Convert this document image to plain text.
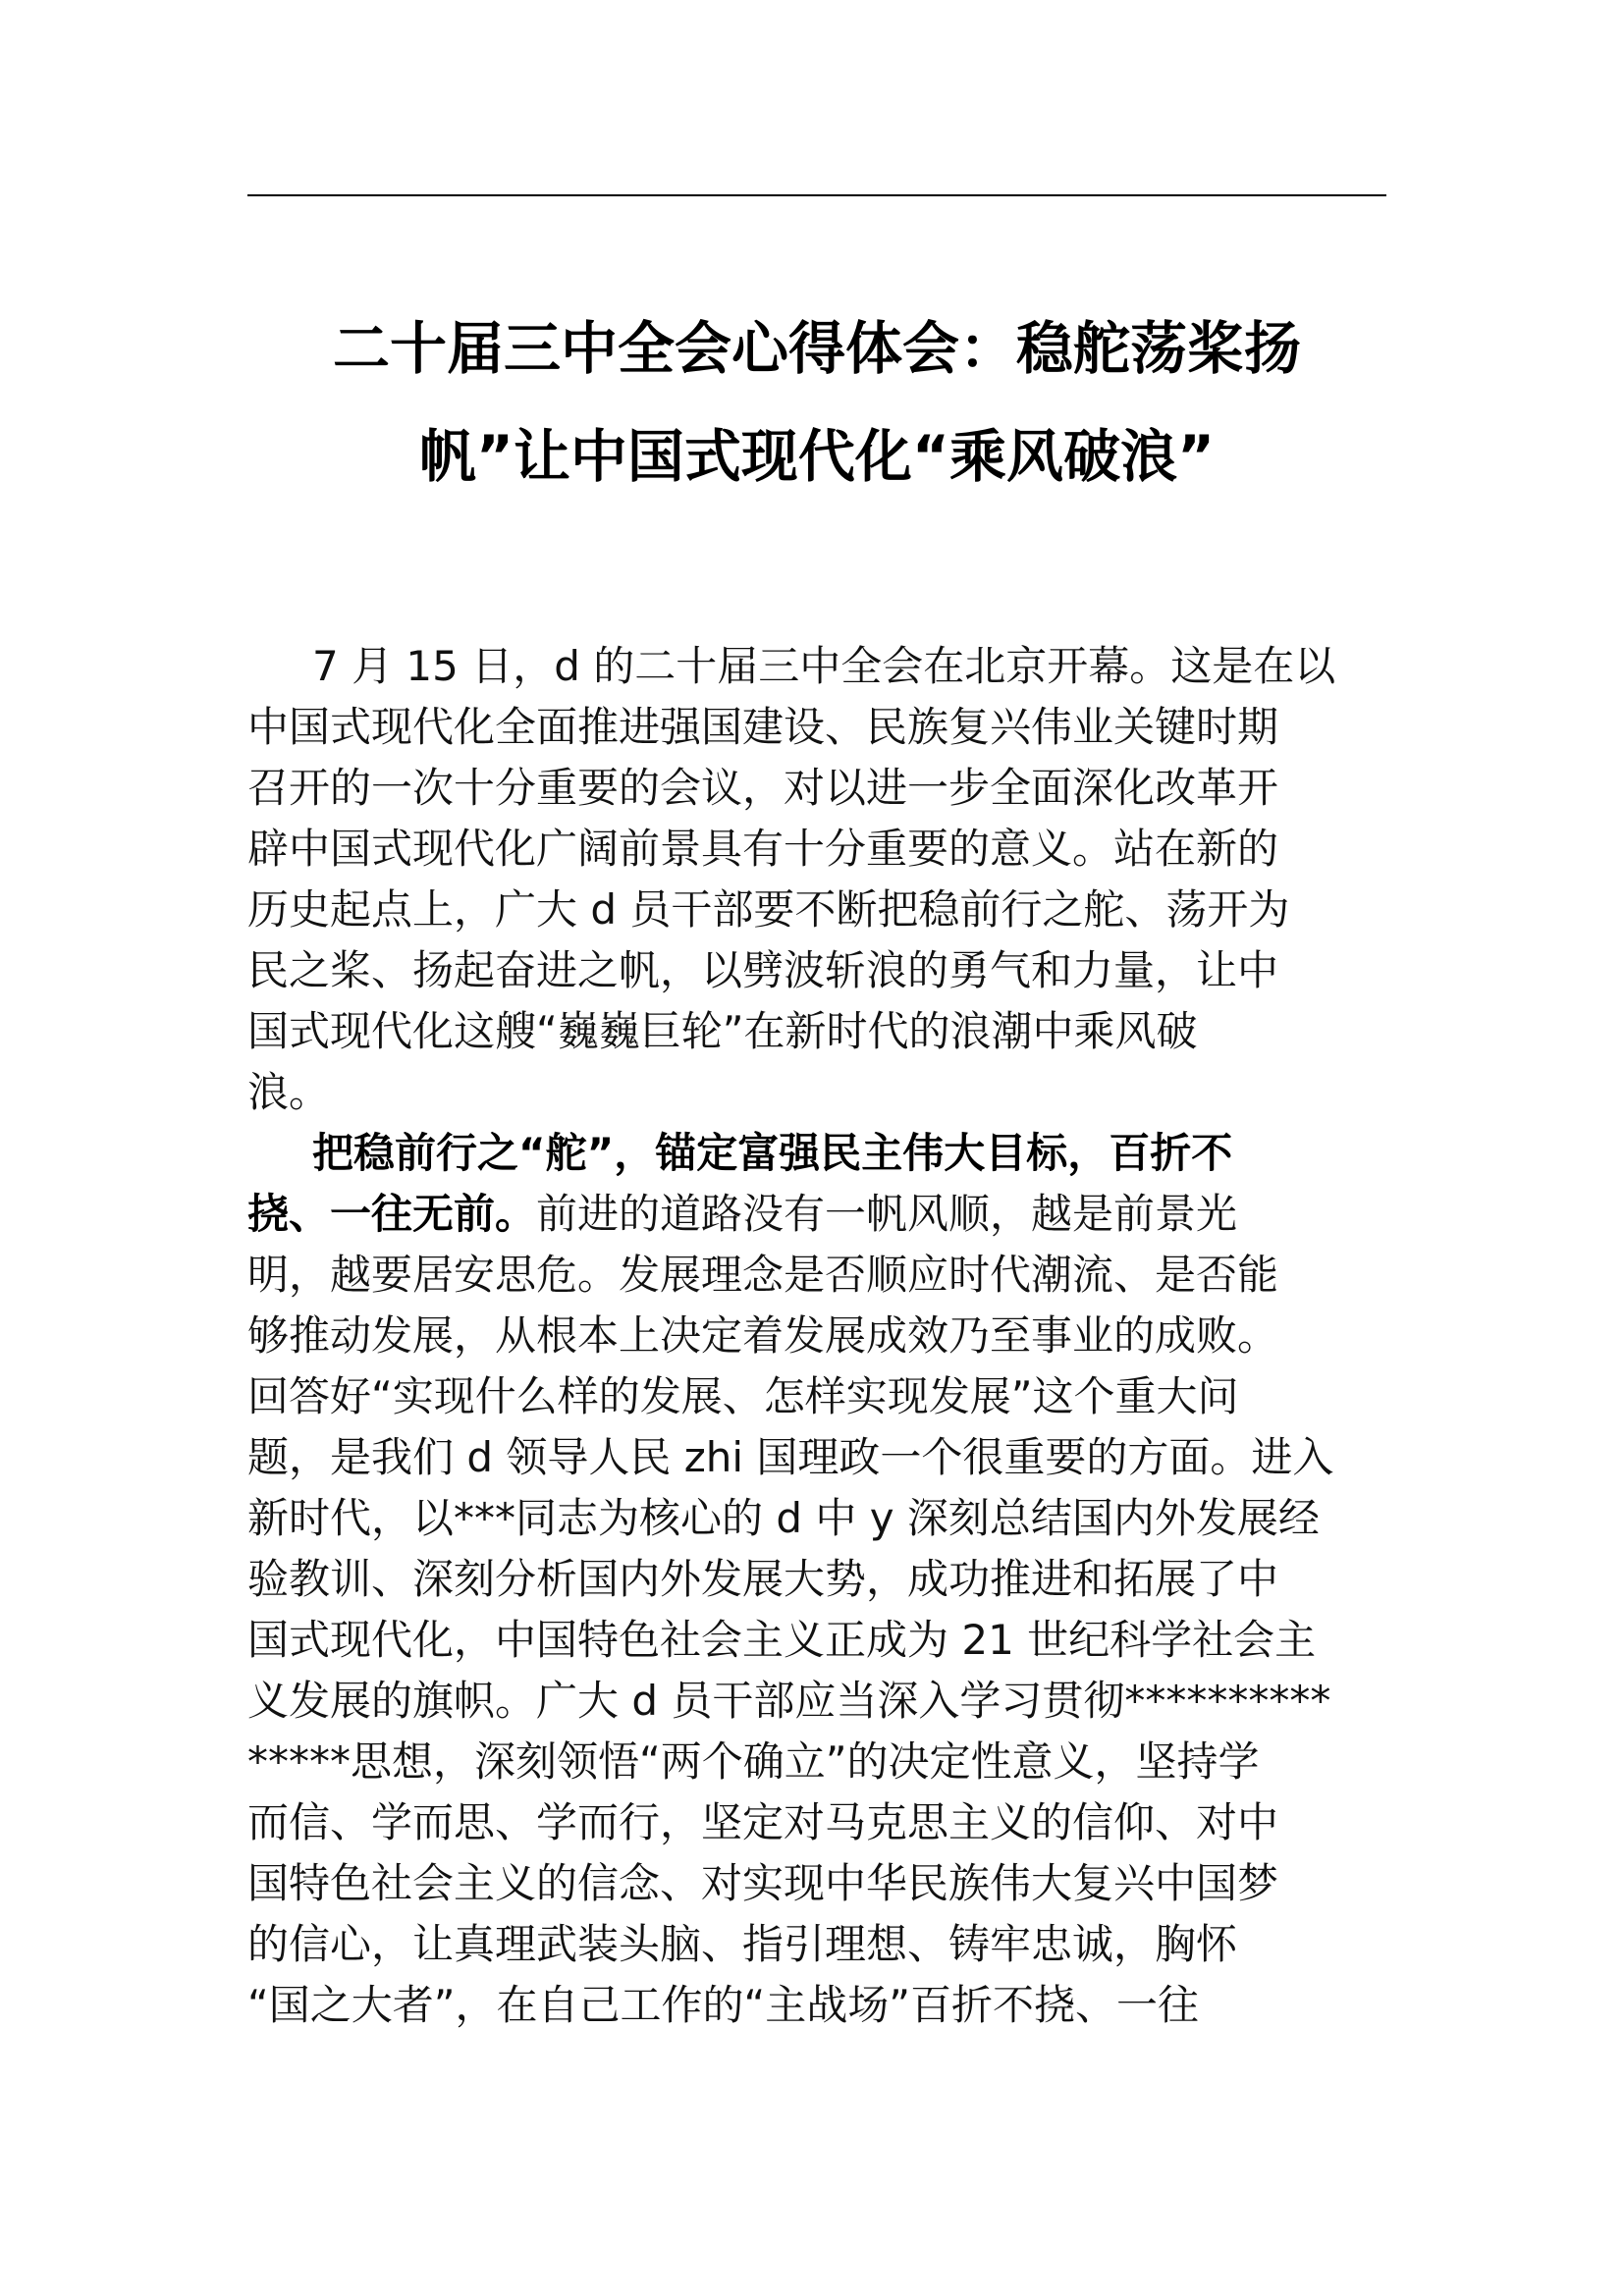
二十届三中全会心得体会：稳舵荡桨扬
帆”让中国式现代化“乘风破浪”
7 月 15 日，d 的二十届三中全会在北京开幕。这是在以
中国式现代化全面推进强国建设、民族复兴伟业关键时期
召开的一次十分重要的会议，对以进一步全面深化改革开
辟中国式现代化广阔前景具有十分重要的意义。站在新的
历史起点上，广大 d 员干部要不断把稳前行之舵、荡开为
民之桨、扬起奋进之帆，以劈波斩浪的勇气和力量，让中
国式现代化这艘“巍巍巨轮”在新时代的浪潮中乘风破
浪。
把稳前行之“舵”，锚定富强民主伟大目标，百折不
挠、一往无前。前进的道路没有一帆风顺，越是前景光
明，越要居安思危。发展理念是否顺应时代潮流、是否能
够推动发展，从根本上决定着发展成效乃至事业的成败。
回答好“实现什么样的发展、怎样实现发展”这个重大问
题，是我们 d 领导人民 zhi 国理政一个很重要的方面。进入
新时代，以***同志为核心的 d 中 y 深刻总结国内外发展经
验教训、深刻分析国内外发展大势，成功推进和拓展了中
国式现代化，中国特色社会主义正成为 21 世纪科学社会主
义发展的旗帜。广大 d 员干部应当深入学习贯彻**********
*****思想，深刻领悟“两个确立”的决定性意义，坚持学
而信、学而思、学而行，坚定对马克思主义的信仰、对中
国特色社会主义的信念、对实现中华民族伟大复兴中国梦
的信心，让真理武装头脑、指引理想、铸牢忠诚，胸怀
“国之大者”，在自己工作的“主战场”百折不挠、一往
